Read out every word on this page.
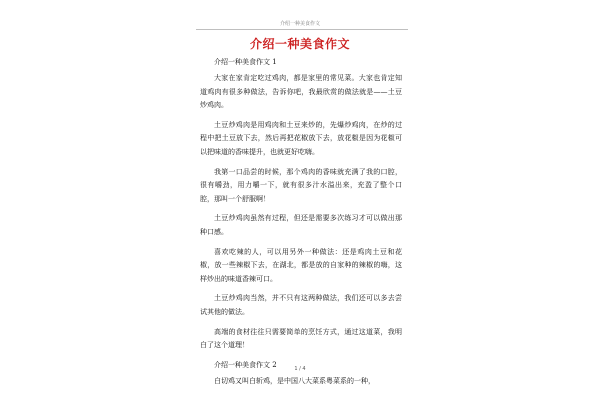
介绍一种美食作文
介绍一种美食作文
介绍一种美食作文 1

大家在家肯定吃过鸡肉，都是家里的常见菜。大家也肯定知道鸡肉有很多种做法，告诉你吧，我最欣赏的做法就是——土豆炒鸡肉。

土豆炒鸡肉是用鸡肉和土豆来炒的，先爆炒鸡肉，在炒的过程中把土豆放下去，然后再把花椒放下去，放花椒是因为花椒可以把味道的香味提升，也就更好吃嗨。

我第一口品尝的时候，那个鸡肉的香味就充满了我的口腔，很有嚼劲，用力嚼一下，就有很多汁水溢出来，充盈了整个口腔，那叫一个舒服啊！

土豆炒鸡肉虽然有过程，但还是需要多次练习才可以做出那种口感。

喜欢吃辣的人，可以用另外一种做法：还是鸡肉土豆和花椒，放一些辣椒下去，在湖北，都是放的自家种的辣椒的嗨，这样炒出的味道香辣可口。

土豆炒鸡肉当然，并不只有这两种做法，我们还可以多去尝试其他的做法。

高端的食材往往只需要简单的烹饪方式，通过这道菜，我明白了这个道理！

介绍一种美食作文 2

白切鸡又叫白斩鸡，是中国八大菜系粤菜系的一种，

1 / 4
